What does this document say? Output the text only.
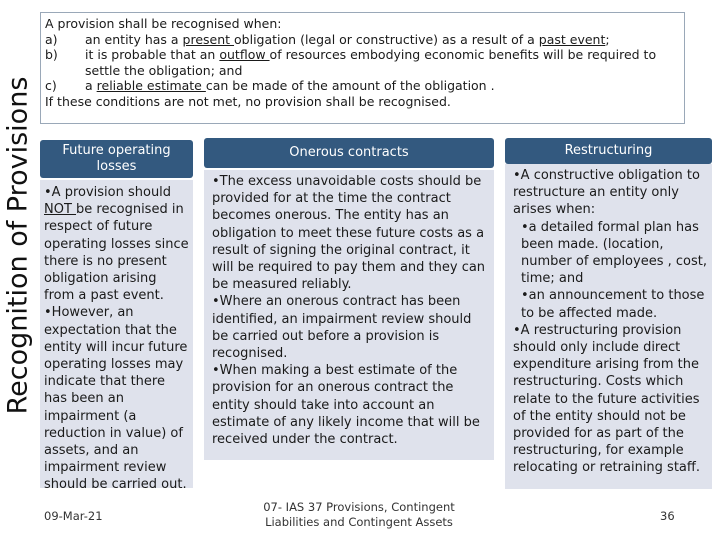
Recognition of Provisions
A provision shall be recognised when:
a)	an entity has a present obligation (legal or constructive) as a result of a past event;
b)	it is probable that an outflow of resources embodying economic benefits will be required to settle the obligation; and
c)	a reliable estimate can be made of the amount of the obligation .
If these conditions are not met, no provision shall be recognised.
Future operating losses

•A provision should NOT be recognised in respect of future operating losses since there is no present obligation arising from a past event.

•However, an expectation that the entity will incur future operating losses may indicate that there has been an impairment (a reduction in value) of assets, and an impairment review should be carried out.

Onerous contracts

•The excess unavoidable costs should be provided for at the time the contract becomes onerous. The entity has an obligation to meet these future costs as a result of signing the original contract, it will be required to pay them and they can be measured reliably.

•Where an onerous contract has been identified, an impairment review should be carried out before a provision is recognised.

•When making a best estimate of the provision for an onerous contract the entity should take into account an estimate of any likely income that will be received under the contract.

Restructuring

•A constructive obligation to restructure an entity only arises when:

•a detailed formal plan has been made. (location, number of employees , cost, time; and

•an announcement to those to be affected made.

•A restructuring provision should only include direct expenditure arising from the restructuring. Costs which relate to the future activities of the entity should not be provided for as part of the restructuring, for example relocating or retraining staff.

09-Mar-21
07- IAS 37 Provisions, Contingent Liabilities and Contingent Assets	36
